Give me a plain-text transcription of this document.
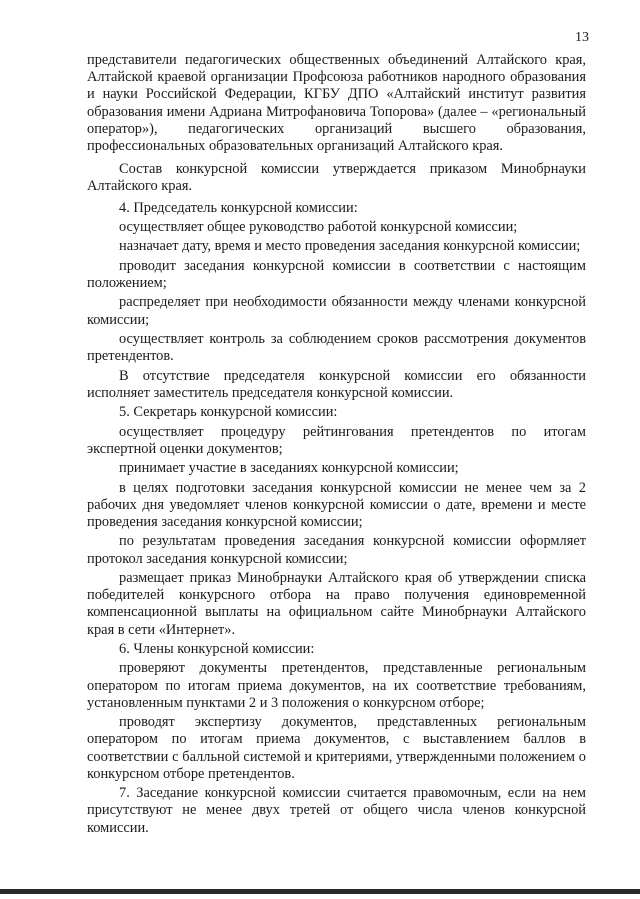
13

представители педагогических общественных объединений Алтайского края, Алтайской краевой организации Профсоюза работников народного образования и науки Российской Федерации, КГБУ ДПО «Алтайский институт развития образования имени Адриана Митрофановича Топорова» (далее – «региональный оператор»), педагогических организаций высшего образования, профессиональных образовательных организаций Алтайского края.

Состав конкурсной комиссии утверждается приказом Минобрнауки Алтайского края.

4. Председатель конкурсной комиссии:

осуществляет общее руководство работой конкурсной комиссии;

назначает дату, время и место проведения заседания конкурсной комиссии;

проводит заседания конкурсной комиссии в соответствии с настоящим положением;

распределяет при необходимости обязанности между членами конкурсной комиссии;

осуществляет контроль за соблюдением сроков рассмотрения документов претендентов.

В отсутствие председателя конкурсной комиссии его обязанности исполняет заместитель председателя конкурсной комиссии.

5. Секретарь конкурсной комиссии:

осуществляет процедуру рейтингования претендентов по итогам экспертной оценки документов;

принимает участие в заседаниях конкурсной комиссии;

в целях подготовки заседания конкурсной комиссии не менее чем за 2 рабочих дня уведомляет членов конкурсной комиссии о дате, времени и месте проведения заседания конкурсной комиссии;

по результатам проведения заседания конкурсной комиссии оформляет протокол заседания конкурсной комиссии;

размещает приказ Минобрнауки Алтайского края об утверждении списка победителей конкурсного отбора на право получения единовременной компенсационной выплаты на официальном сайте Минобрнауки Алтайского края в сети «Интернет».

6. Члены конкурсной комиссии:

проверяют документы претендентов, представленные региональным оператором по итогам приема документов, на их соответствие требованиям, установленным пунктами 2 и 3 положения о конкурсном отборе;

проводят экспертизу документов, представленных региональным оператором по итогам приема документов, с выставлением баллов в соответствии с балльной системой и критериями, утвержденными положением о конкурсном отборе претендентов.

7. Заседание конкурсной комиссии считается правомочным, если на нем присутствуют не менее двух третей от общего числа членов конкурсной комиссии.
